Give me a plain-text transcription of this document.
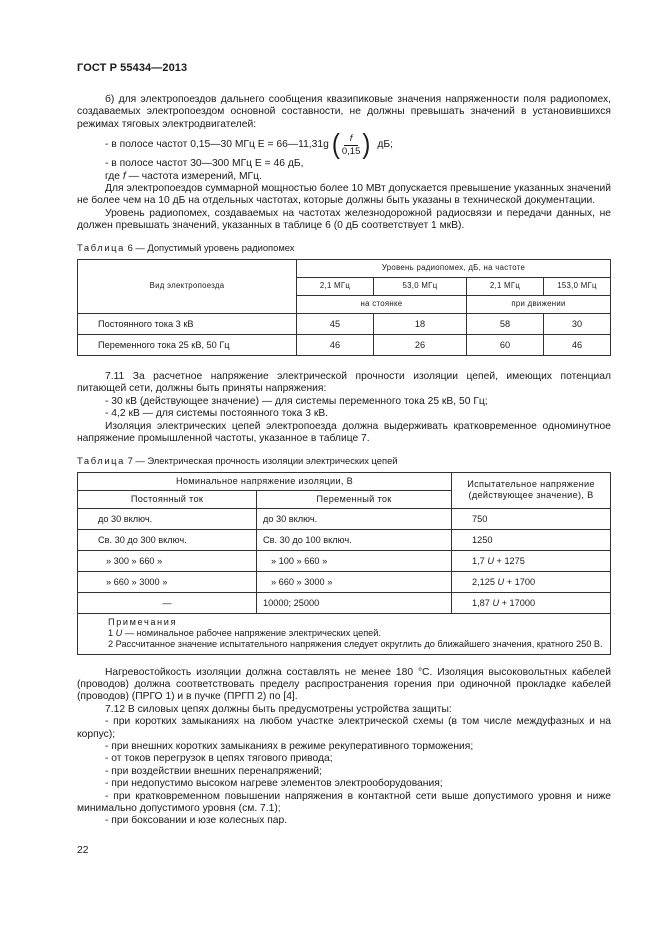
ГОСТ Р 55434—2013

б) для электропоездов дальнего сообщения квазипиковые значения напряженности поля радиопомех, создаваемых электропоездом основной составности, не должны превышать значений в установившихся режимах тяговых электродвигателей:

- в полосе частот 0,15—30 МГц E = 66—11,31g ( $\frac{f}{0,15}$ ) дБ;

- в полосе частот 30—300 МГц E = 46 дБ,

где f — частота измерений, МГц.

Для электропоездов суммарной мощностью более 10 МВт допускается превышение указанных значений не более чем на 10 дБ на отдельных частотах, которые должны быть указаны в технической документации.

Уровень радиопомех, создаваемых на частотах железнодорожной радиосвязи и передачи данных, не должен превышать значений, указанных в таблице 6 (0 дБ соответствует 1 мкВ).

Таблица 6 — Допустимый уровень радиопомех
Вид электропоезда	Уровень радиопомех, дБ, на частоте			
	2,1 МГц	53,0 МГц	2,1 МГц	153,0 МГц
	на стоянке		при движении	
Постоянного тока 3 кВ	45	18	58	30
Переменного тока 25 кВ, 50 Гц	46	26	60	46

7.11 За расчетное напряжение электрической прочности изоляции цепей, имеющих потенциал питающей сети, должны быть приняты напряжения:

- 30 кВ (действующее значение) — для системы переменного тока 25 кВ, 50 Гц;

- 4,2 кВ — для системы постоянного тока 3 кВ.

Изоляция электрических цепей электропоезда должна выдерживать кратковременное одноминутное напряжение промышленной частоты, указанное в таблице 7.

Таблица 7 — Электрическая прочность изоляции электрических цепей
Номинальное напряжение изоляции, В		Испытательное напряжение (действующее значение), В
Постоянный ток	Переменный ток	
до 30 включ.	до 30 включ.	750
Св. 30 до 300 включ.	Св. 30 до 100 включ.	1250
» 300 » 660 »	» 100 » 660 »	1,7 U + 1275
» 660 » 3000 »	» 660 » 3000 »	2,125 U + 1700
—	10000; 25000	1,87 U + 17000

Примечания
1 U — номинальное рабочее напряжение электрических цепей.
2 Рассчитанное значение испытательного напряжения следует округлить до ближайшего значения, кратного 250 В.		

Нагревостойкость изоляции должна составлять не менее 180 °С. Изоляция высоковольтных кабелей (проводов) должна соответствовать пределу распространения горения при одиночной прокладке кабелей (проводов) (ПРГО 1) и в пучке (ПРГП 2) по [4].

7.12 В силовых цепях должны быть предусмотрены устройства защиты:

- при коротких замыканиях на любом участке электрической схемы (в том числе междуфазных и на корпус);

- при внешних коротких замыканиях в режиме рекуперативного торможения;

- от токов перегрузок в цепях тягового привода;

- при воздействии внешних перенапряжений;

- при недопустимо высоком нагреве элементов электрооборудования;

- при кратковременном повышении напряжения в контактной сети выше допустимого уровня и ниже минимально допустимого уровня (см. 7.1);

- при боксовании и юзе колесных пар.

22
